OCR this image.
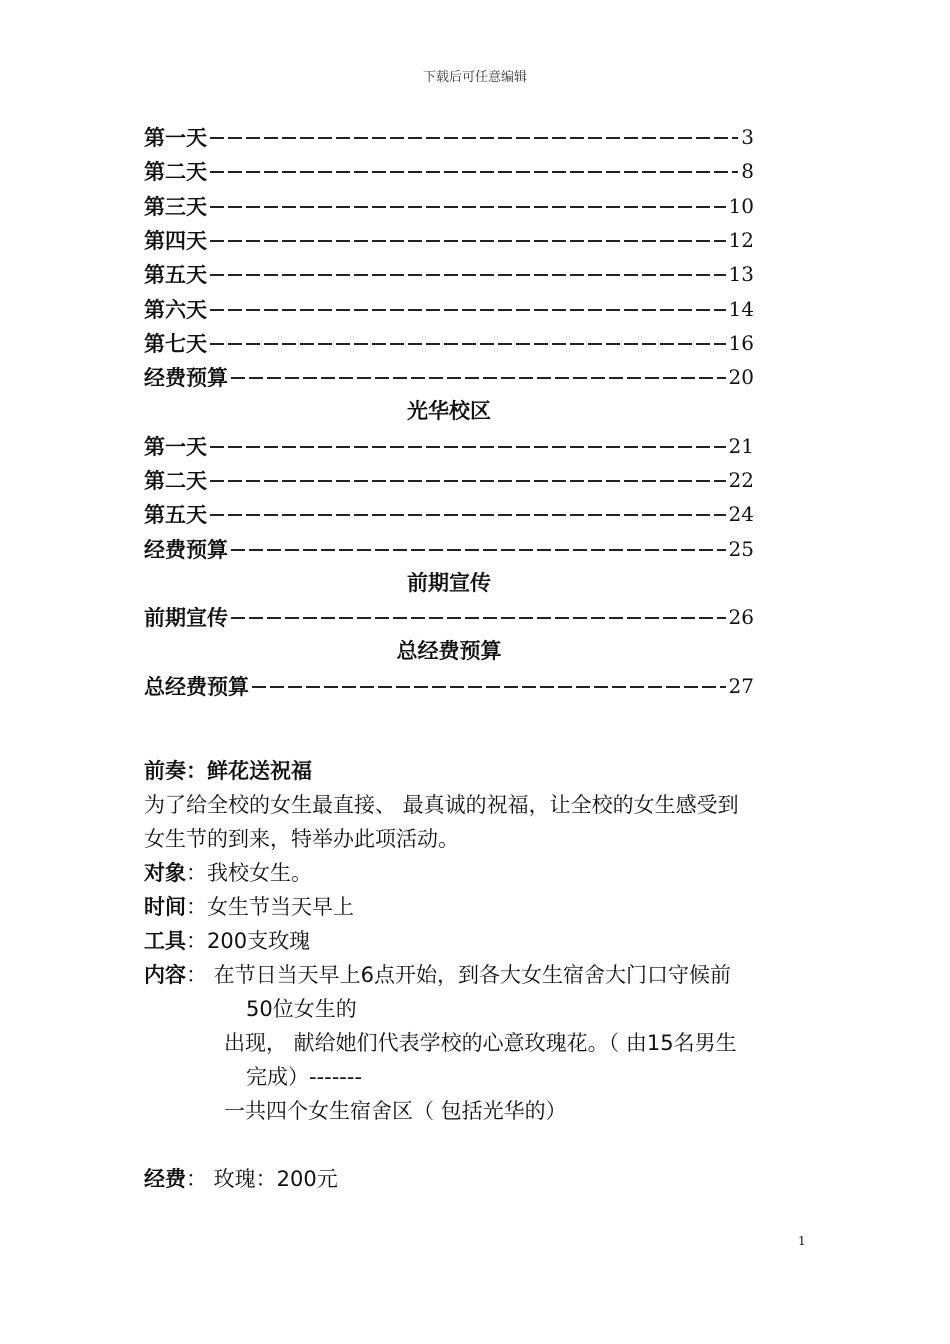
下载后可任意编辑
第一天	3
第二天	8
第三天	10
第四天	12
第五天	13
第六天	14
第七天	16
经费预算	20
光华校区
第一天	21
第二天	22
第五天	24
经费预算	25
前期宣传
前期宣传	26
总经费预算
总经费预算	27
前奏：鲜花送祝福
为了给全校的女生最直接、 最真诚的祝福，让全校的女生感受到
女生节的到来，特举办此项活动。
对象：我校女生。
时间：女生节当天早上
工具：200支玫瑰
内容： 在节日当天早上6点开始，到各大女生宿舍大门口守候前
50位女生的
出现， 献给她们代表学校的心意玫瑰花。（ 由15名男生
完成）-------
一共四个女生宿舍区（ 包括光华的）
经费： 玫瑰：200元
1
